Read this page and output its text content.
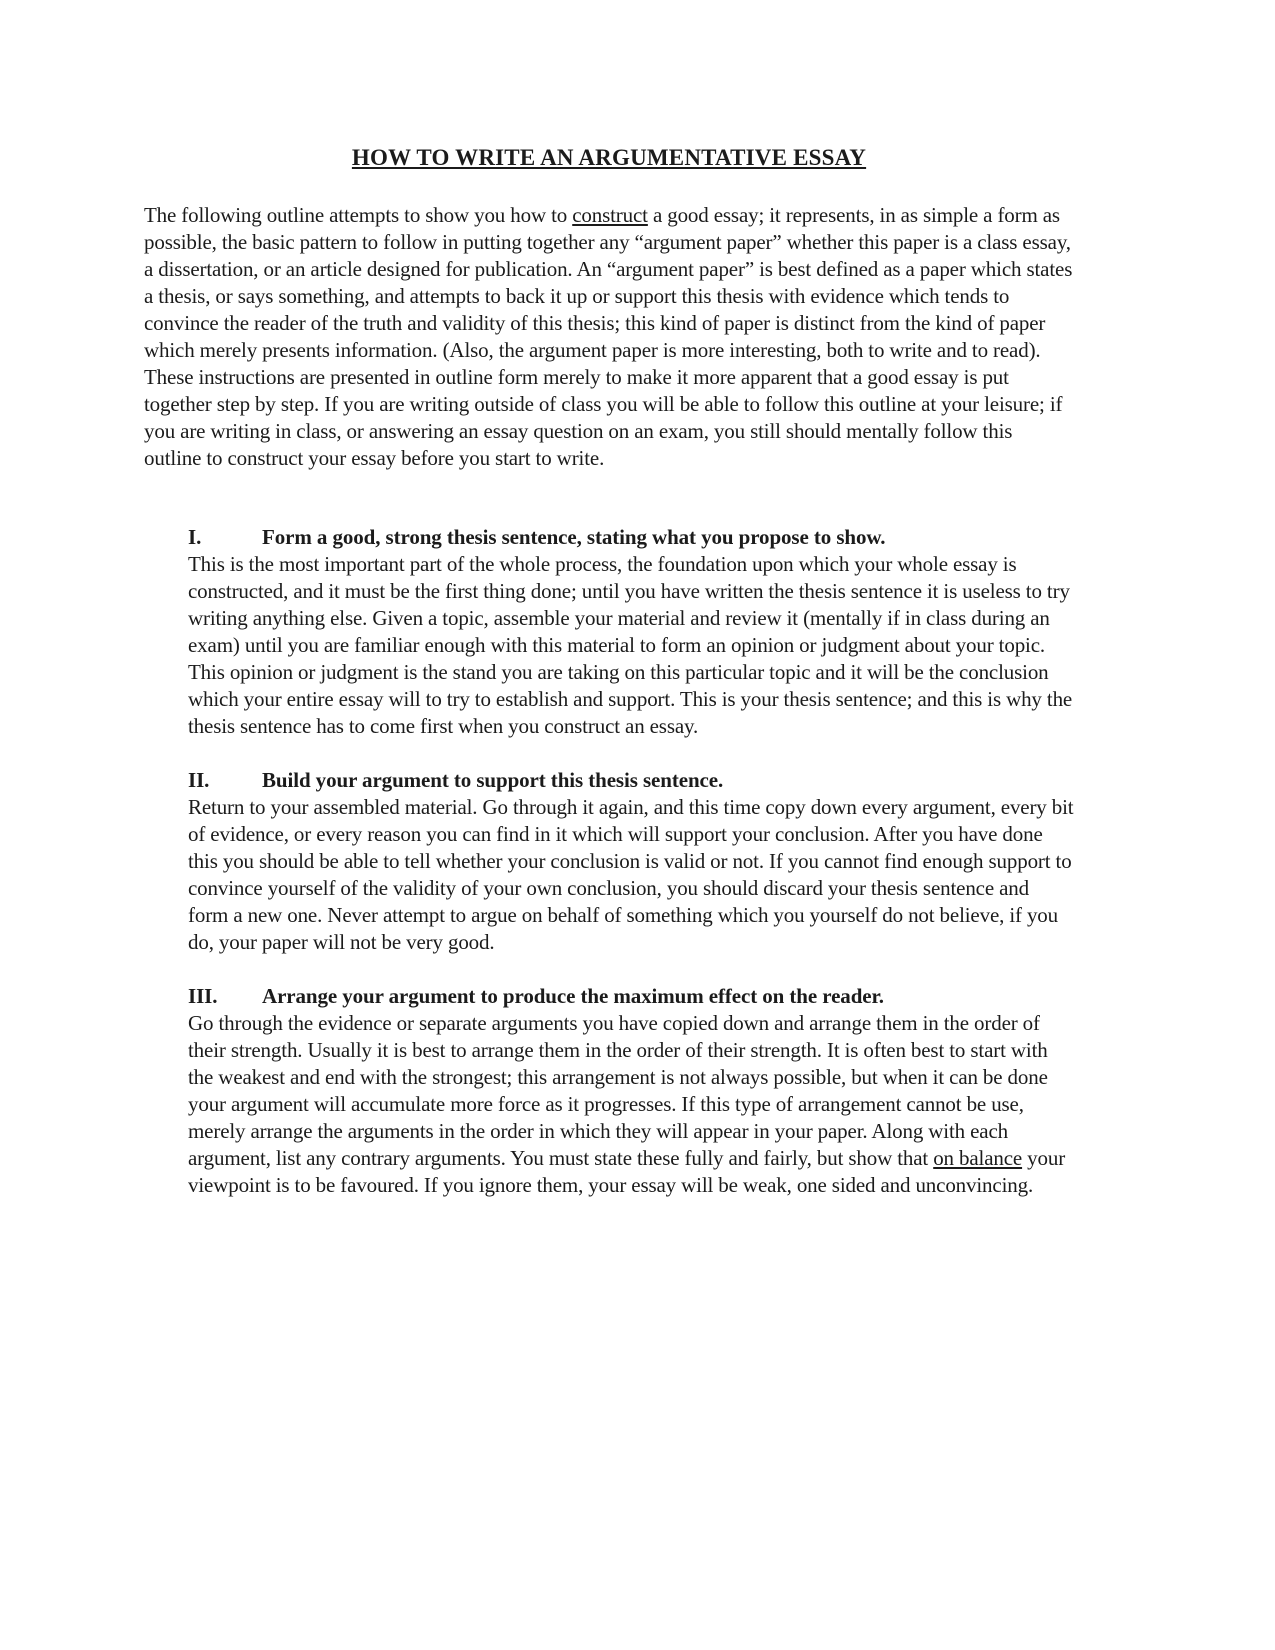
HOW TO WRITE AN ARGUMENTATIVE ESSAY

The following outline attempts to show you how to construct a good essay; it represents, in as simple a form as possible, the basic pattern to follow in putting together any “argument paper” whether this paper is a class essay, a dissertation, or an article designed for publication. An “argument paper” is best defined as a paper which states a thesis, or says something, and attempts to back it up or support this thesis with evidence which tends to convince the reader of the truth and validity of this thesis; this kind of paper is distinct from the kind of paper which merely presents information. (Also, the argument paper is more interesting, both to write and to read). These instructions are presented in outline form merely to make it more apparent that a good essay is put together step by step. If you are writing outside of class you will be able to follow this outline at your leisure; if you are writing in class, or answering an essay question on an exam, you still should mentally follow this outline to construct your essay before you start to write.

I.	Form a good, strong thesis sentence, stating what you propose to show.

This is the most important part of the whole process, the foundation upon which your whole essay is constructed, and it must be the first thing done; until you have written the thesis sentence it is useless to try writing anything else. Given a topic, assemble your material and review it (mentally if in class during an exam) until you are familiar enough with this material to form an opinion or judgment about your topic. This opinion or judgment is the stand you are taking on this particular topic and it will be the conclusion which your entire essay will to try to establish and support. This is your thesis sentence; and this is why the thesis sentence has to come first when you construct an essay.

II.	Build your argument to support this thesis sentence.

Return to your assembled material. Go through it again, and this time copy down every argument, every bit of evidence, or every reason you can find in it which will support your conclusion. After you have done this you should be able to tell whether your conclusion is valid or not. If you cannot find enough support to convince yourself of the validity of your own conclusion, you should discard your thesis sentence and form a new one. Never attempt to argue on behalf of something which you yourself do not believe, if you do, your paper will not be very good.

III.	Arrange your argument to produce the maximum effect on the reader.

Go through the evidence or separate arguments you have copied down and arrange them in the order of their strength. Usually it is best to arrange them in the order of their strength. It is often best to start with the weakest and end with the strongest; this arrangement is not always possible, but when it can be done your argument will accumulate more force as it progresses. If this type of arrangement cannot be use, merely arrange the arguments in the order in which they will appear in your paper. Along with each argument, list any contrary arguments. You must state these fully and fairly, but show that on balance your viewpoint is to be favoured. If you ignore them, your essay will be weak, one sided and unconvincing.
